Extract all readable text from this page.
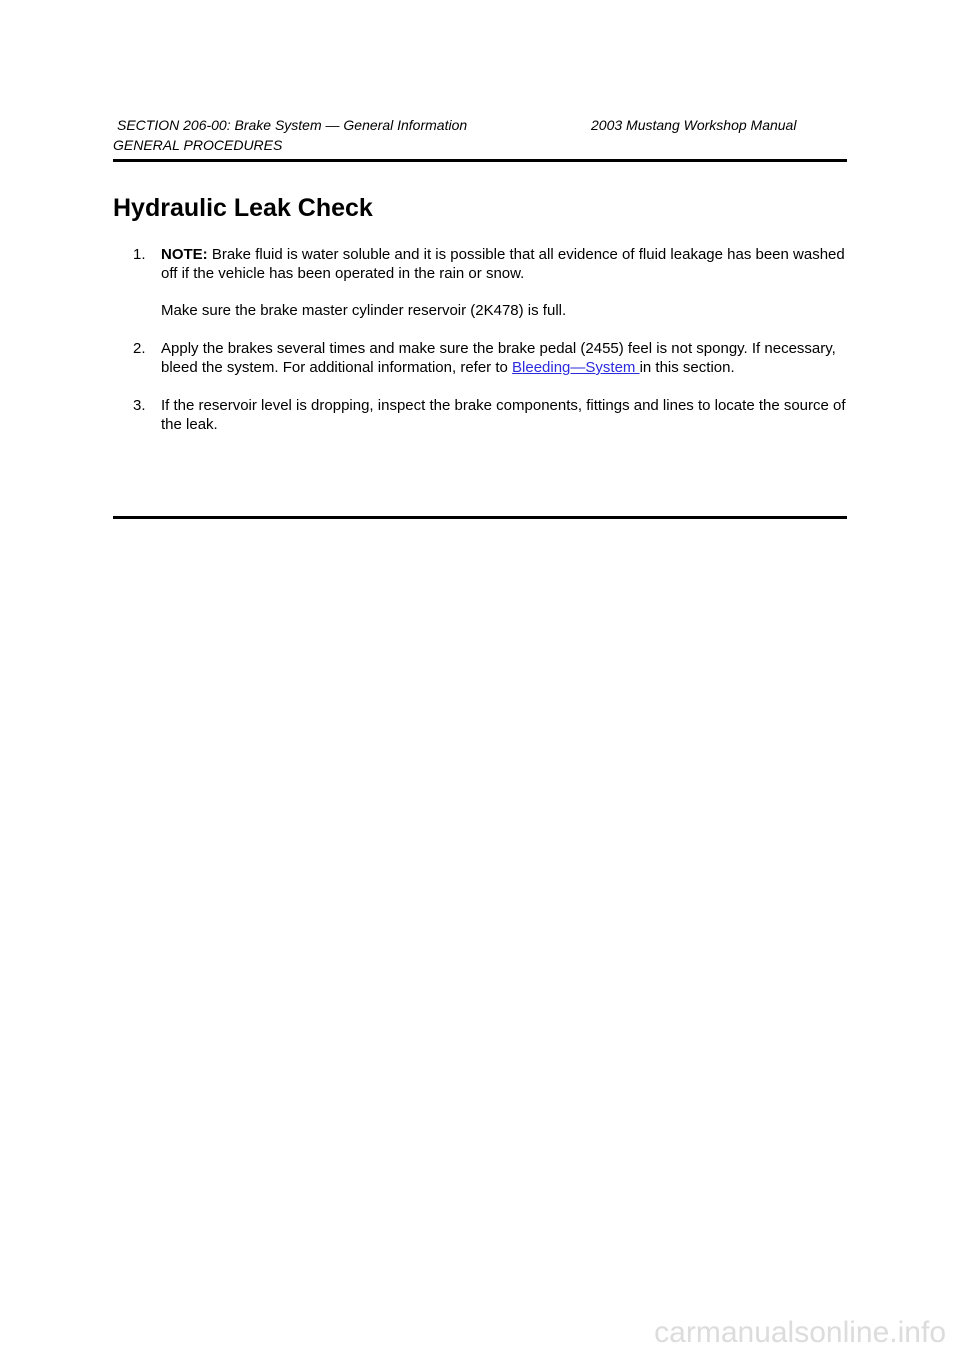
SECTION 206-00: Brake System — General Information	2003 Mustang Workshop Manual
GENERAL PROCEDURES
Hydraulic Leak Check
1. NOTE: Brake fluid is water soluble and it is possible that all evidence of fluid leakage has been washed off if the vehicle has been operated in the rain or snow.

Make sure the brake master cylinder reservoir (2K478) is full.

2. Apply the brakes several times and make sure the brake pedal (2455) feel is not spongy. If necessary, bleed the system. For additional information, refer to Bleeding—System in this section.

3. If the reservoir level is dropping, inspect the brake components, fittings and lines to locate the source of the leak.

carmanualsonline.info
